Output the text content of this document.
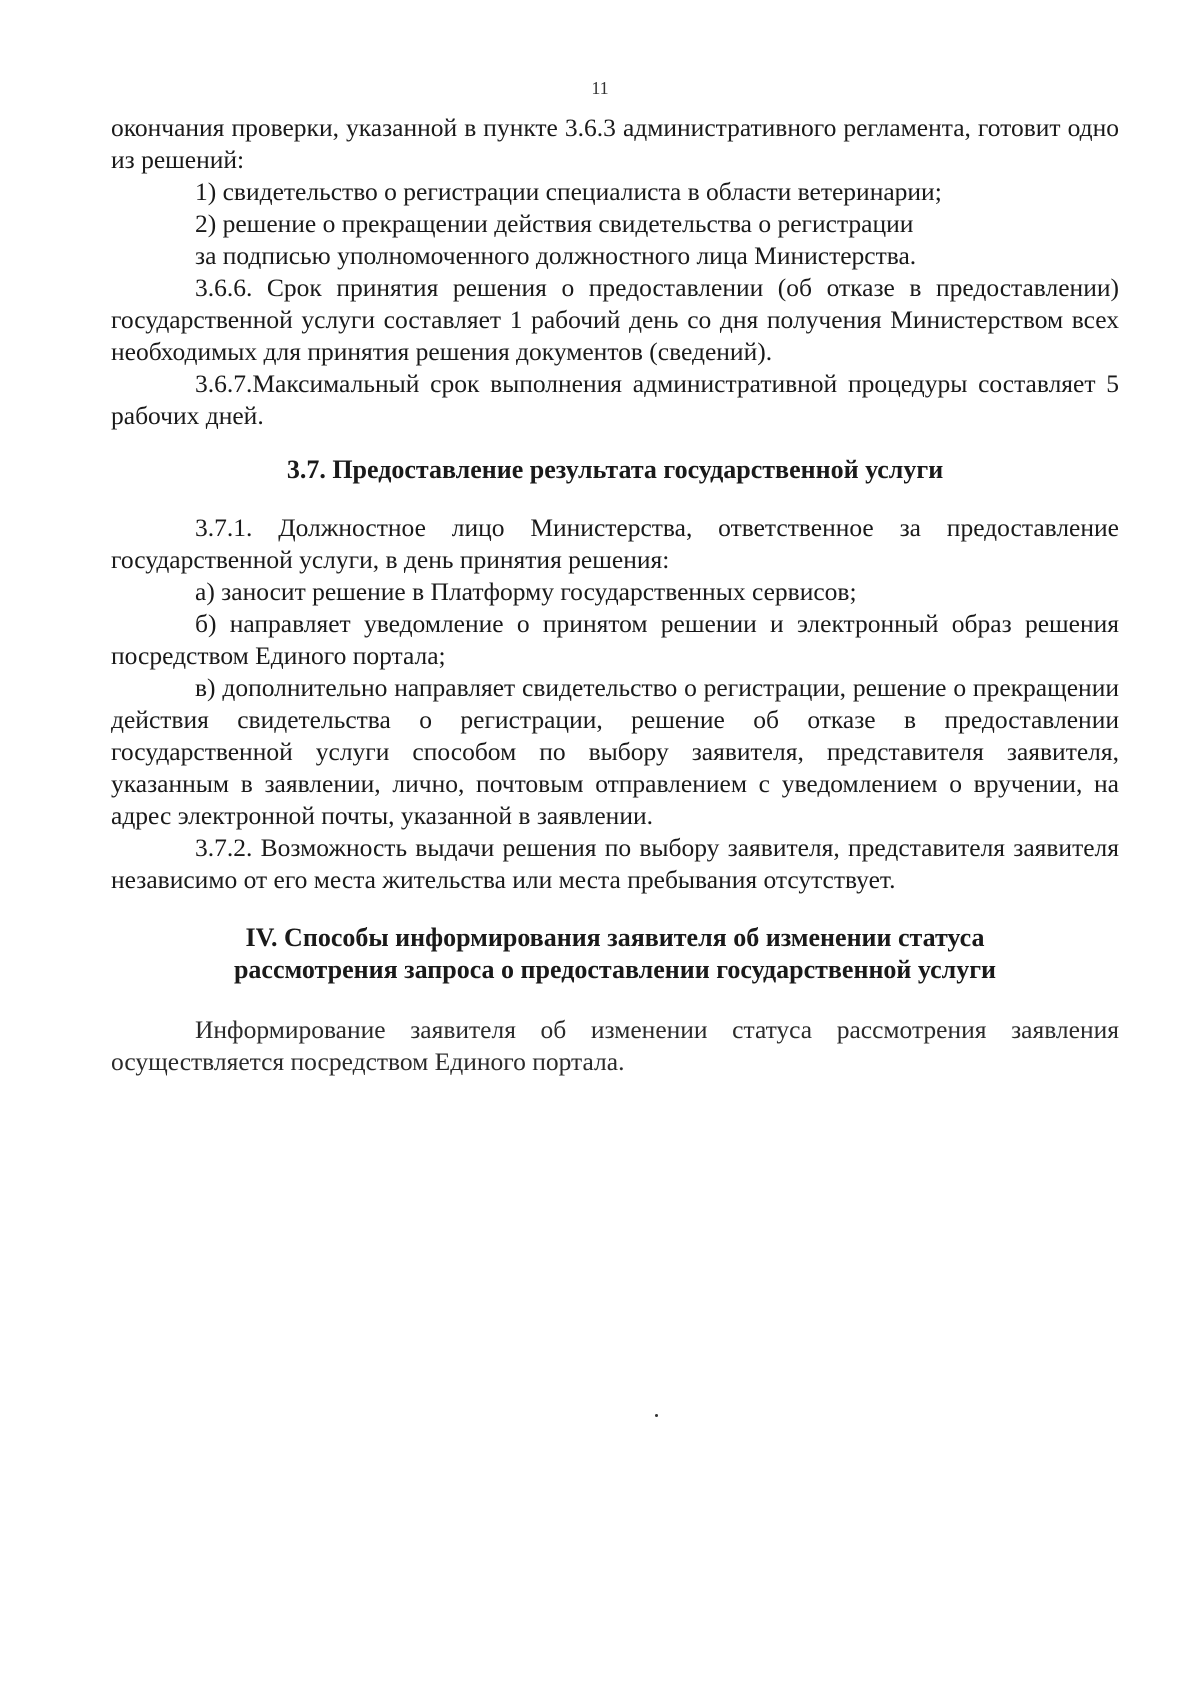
11

окончания проверки, указанной в пункте 3.6.3 административного регламента, готовит одно из решений:

1) свидетельство о регистрации специалиста в области ветеринарии;

2) решение о прекращении действия свидетельства о регистрации

за подписью уполномоченного должностного лица Министерства.

3.6.6. Срок принятия решения о предоставлении (об отказе в предоставлении) государственной услуги составляет 1 рабочий день со дня получения Министерством всех необходимых для принятия решения документов (сведений).

3.6.7.Максимальный срок выполнения административной процедуры составляет 5 рабочих дней.

3.7. Предоставление результата государственной услуги

3.7.1. Должностное лицо Министерства, ответственное за предоставление государственной услуги, в день принятия решения:

а) заносит решение в Платформу государственных сервисов;

б) направляет уведомление о принятом решении и электронный образ решения посредством Единого портала;

в) дополнительно направляет свидетельство о регистрации, решение о прекращении действия свидетельства о регистрации, решение об отказе в предоставлении государственной услуги способом по выбору заявителя, представителя заявителя, указанным в заявлении, лично, почтовым отправлением с уведомлением о вручении, на адрес электронной почты, указанной в заявлении.

3.7.2. Возможность выдачи решения по выбору заявителя, представителя заявителя независимо от его места жительства или места пребывания отсутствует.

IV. Способы информирования заявителя об изменении статуса

рассмотрения запроса о предоставлении государственной услуги

Информирование заявителя об изменении статуса рассмотрения заявления осуществляется посредством Единого портала.
